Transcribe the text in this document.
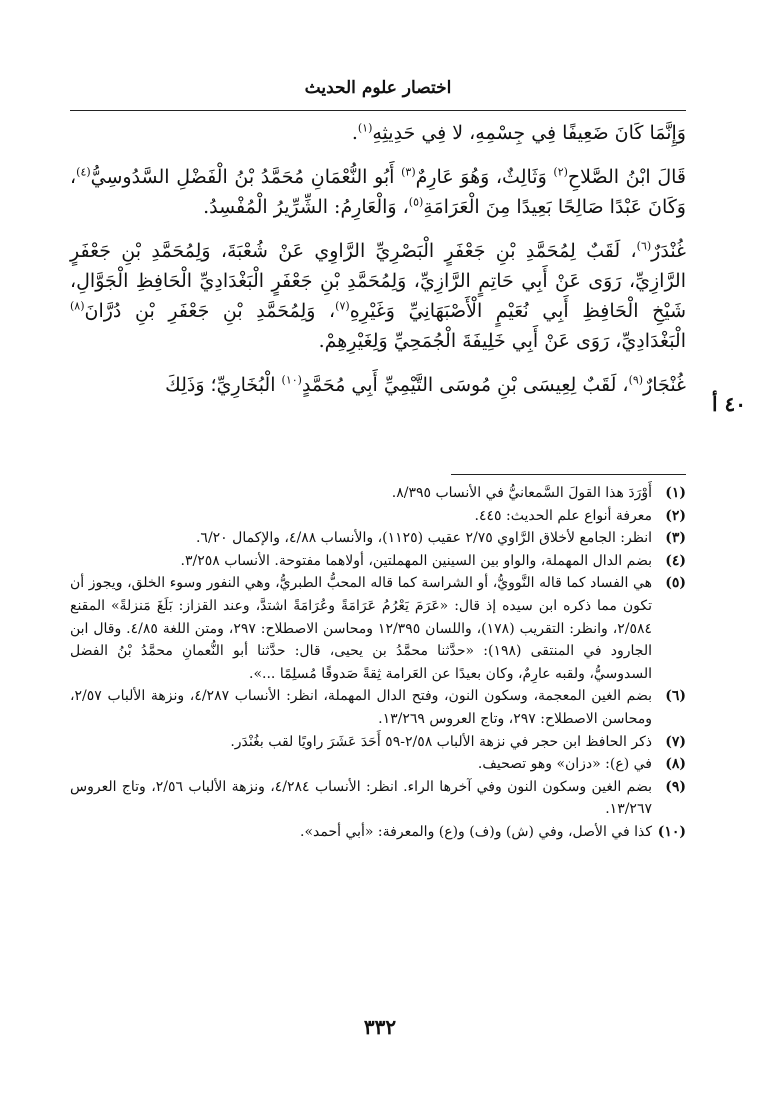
اختصار علوم الحديث
٤٠ أ

وَإِنَّمَا كَانَ ضَعِيفًا فِي جِسْمِهِ، لا فِي حَدِيثِهِ$^{(١)}$.

قَالَ ابْنُ الصَّلاحِ$^{(٢)}$ وَثَالِثٌ، وَهُوَ عَارِمٌ$^{(٣)}$ أَبُو النُّعْمَانِ مُحَمَّدُ بْنُ الْفَضْلِ السَّدُوسِيُّ$^{(٤)}$، وَكَانَ عَبْدًا صَالِحًا بَعِيدًا مِنَ الْعَرَامَةِ$^{(٥)}$، وَالْعَارِمُ: الشِّرِّيرُ الْمُفْسِدُ.

غُنْدَرٌ$^{(٦)}$، لَقَبٌ لِمُحَمَّدِ بْنِ جَعْفَرٍ الْبَصْرِيِّ الرَّاوِي عَنْ شُعْبَةَ، وَلِمُحَمَّدِ بْنِ جَعْفَرٍ الرَّازِيِّ، رَوَى عَنْ أَبِي حَاتِمٍ الرَّازِيِّ، وَلِمُحَمَّدِ بْنِ جَعْفَرٍ الْبَغْدَادِيِّ الْحَافِظِ الْجَوَّالِ، شَيْخِ الْحَافِظِ أَبِي نُعَيْمٍ الْأَصْبَهَانِيِّ وَغَيْرِهِ$^{(٧)}$، وَلِمُحَمَّدِ بْنِ جَعْفَرِ بْنِ دُرَّانَ$^{(٨)}$ الْبَغْدَادِيِّ، رَوَى عَنْ أَبِي خَلِيفَةَ الْجُمَحِيِّ وَلِغَيْرِهِمْ.

غُنْجَارٌ$^{(٩)}$، لَقَبٌ لِعِيسَى بْنِ مُوسَى التَّيْمِيِّ أَبِي مُحَمَّدٍ$^{(١٠)}$ الْبُخَارِيِّ؛ وَذَلِكَ

(١)
أَوْرَدَ هذا القولَ السَّمعانيُّ في الأنساب ٨/٣٩٥.
(٢)
معرفة أنواع علم الحديث: ٤٤٥.
(٣)
انظر: الجامع لأخلاق الرَّاوي ٢/٧٥ عقيب (١١٢٥)، والأنساب ٤/٨٨، والإكمال ٦/٢٠.
(٤)
بضم الدال المهملة، والواو بين السينين المهملتين، أولاهما مفتوحة. الأنساب ٣/٢٥٨.
(٥)
هي الفساد كما قاله النَّوويُّ، أو الشراسة كما قاله المحبُّ الطبريُّ، وهي النفور وسوء الخلق، ويجوز أن تكون مما ذكره ابن سيده إذ قال: «عَرَمَ يَعْرُمُ عَرَامَةً وعُرَامَةً اشتدَّ، وعند القزاز: بَلَغَ مَنزلةً» المقنع ٢/٥٨٤، وانظر: التقريب (١٧٨)، واللسان ١٢/٣٩٥ ومحاسن الاصطلاح: ٢٩٧، ومتن اللغة ٤/٨٥. وقال ابن الجارود في المنتقى (١٩٨): «حدَّثنا محمَّدُ بن يحيى، قال: حدَّثنا أبو النُّعمانِ محمَّدُ بْنُ الفضل السدوسيُّ، ولقبه عارِمٌ، وكان بعيدًا عن العَرامة ثِقةً صَدوقًا مُسلِمًا ...».
(٦)
بضم الغين المعجمة، وسكون النون، وفتح الدال المهملة، انظر: الأنساب ٤/٢٨٧، ونزهة الألباب ٢/٥٧، ومحاسن الاصطلاح: ٢٩٧، وتاج العروس ١٣/٢٦٩.
(٧)
ذكر الحافظ ابن حجر في نزهة الألباب ٢/٥٨-٥٩ أَحَدَ عَشَرَ راويًا لقب بغُنْدَر.
(٨)
في (ع): «دزان» وهو تصحيف.
(٩)
بضم الغين وسكون النون وفي آخرها الراء. انظر: الأنساب ٤/٢٨٤، ونزهة الألباب ٢/٥٦، وتاج العروس ١٣/٢٦٧.
(١٠)
كذا في الأصل، وفي (ش) و(ف) و(ع) والمعرفة: «أبي أحمد».
٣٣٢
